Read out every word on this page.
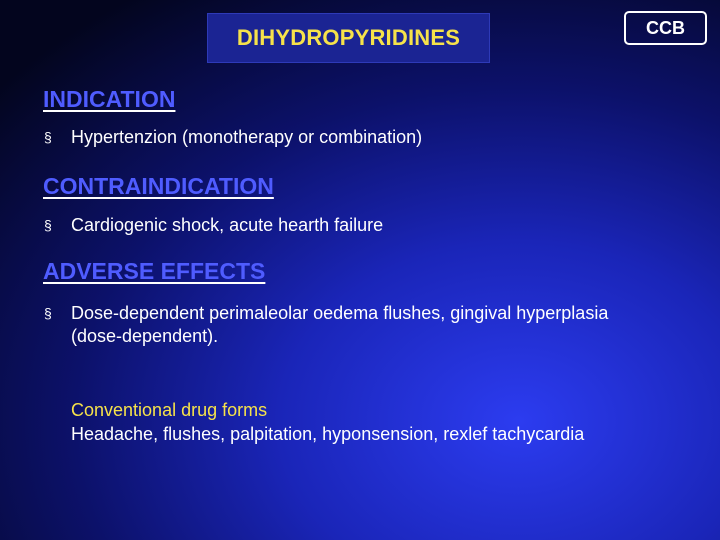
DIHYDROPYRIDINES	CCB
INDICATION
§	Hypertenzion (monotherapy or combination)
CONTRAINDICATION
§	Cardiogenic shock, acute hearth failure
ADVERSE EFFECTS
§	Dose-dependent perimaleolar oedema flushes, gingival hyperplasia (dose-dependent).
Conventional drug forms
Headache, flushes, palpitation, hyponsension, rexlef tachycardia
